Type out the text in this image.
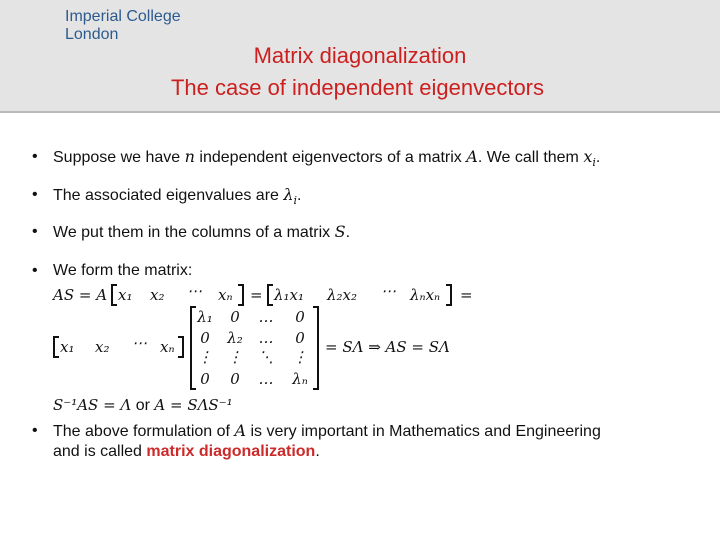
Imperial College
London
Matrix diagonalization
The case of independent eigenvectors
• Suppose we have n independent eigenvectors of a matrix A. We call them $x_i$.
• The associated eigenvalues are $\lambda_i$.
• We put them in the columns of a matrix S.
• We form the matrix:
AS = A x₁ x₂ ⋯ xₙ = λ₁x₁ λ₂x₂ ⋯ λₙxₙ =
x₁ x₂ ⋯ xₙ
λ₁	0	…	0
0	λ₂	…	0
⋮	⋮	⋱	⋮
0	0	…	λₙ
= SΛ ⇒ AS = SΛ
S⁻¹AS = Λ or A = SΛS⁻¹
• The above formulation of A is very important in Mathematics and Engineering
and is called matrix diagonalization.
